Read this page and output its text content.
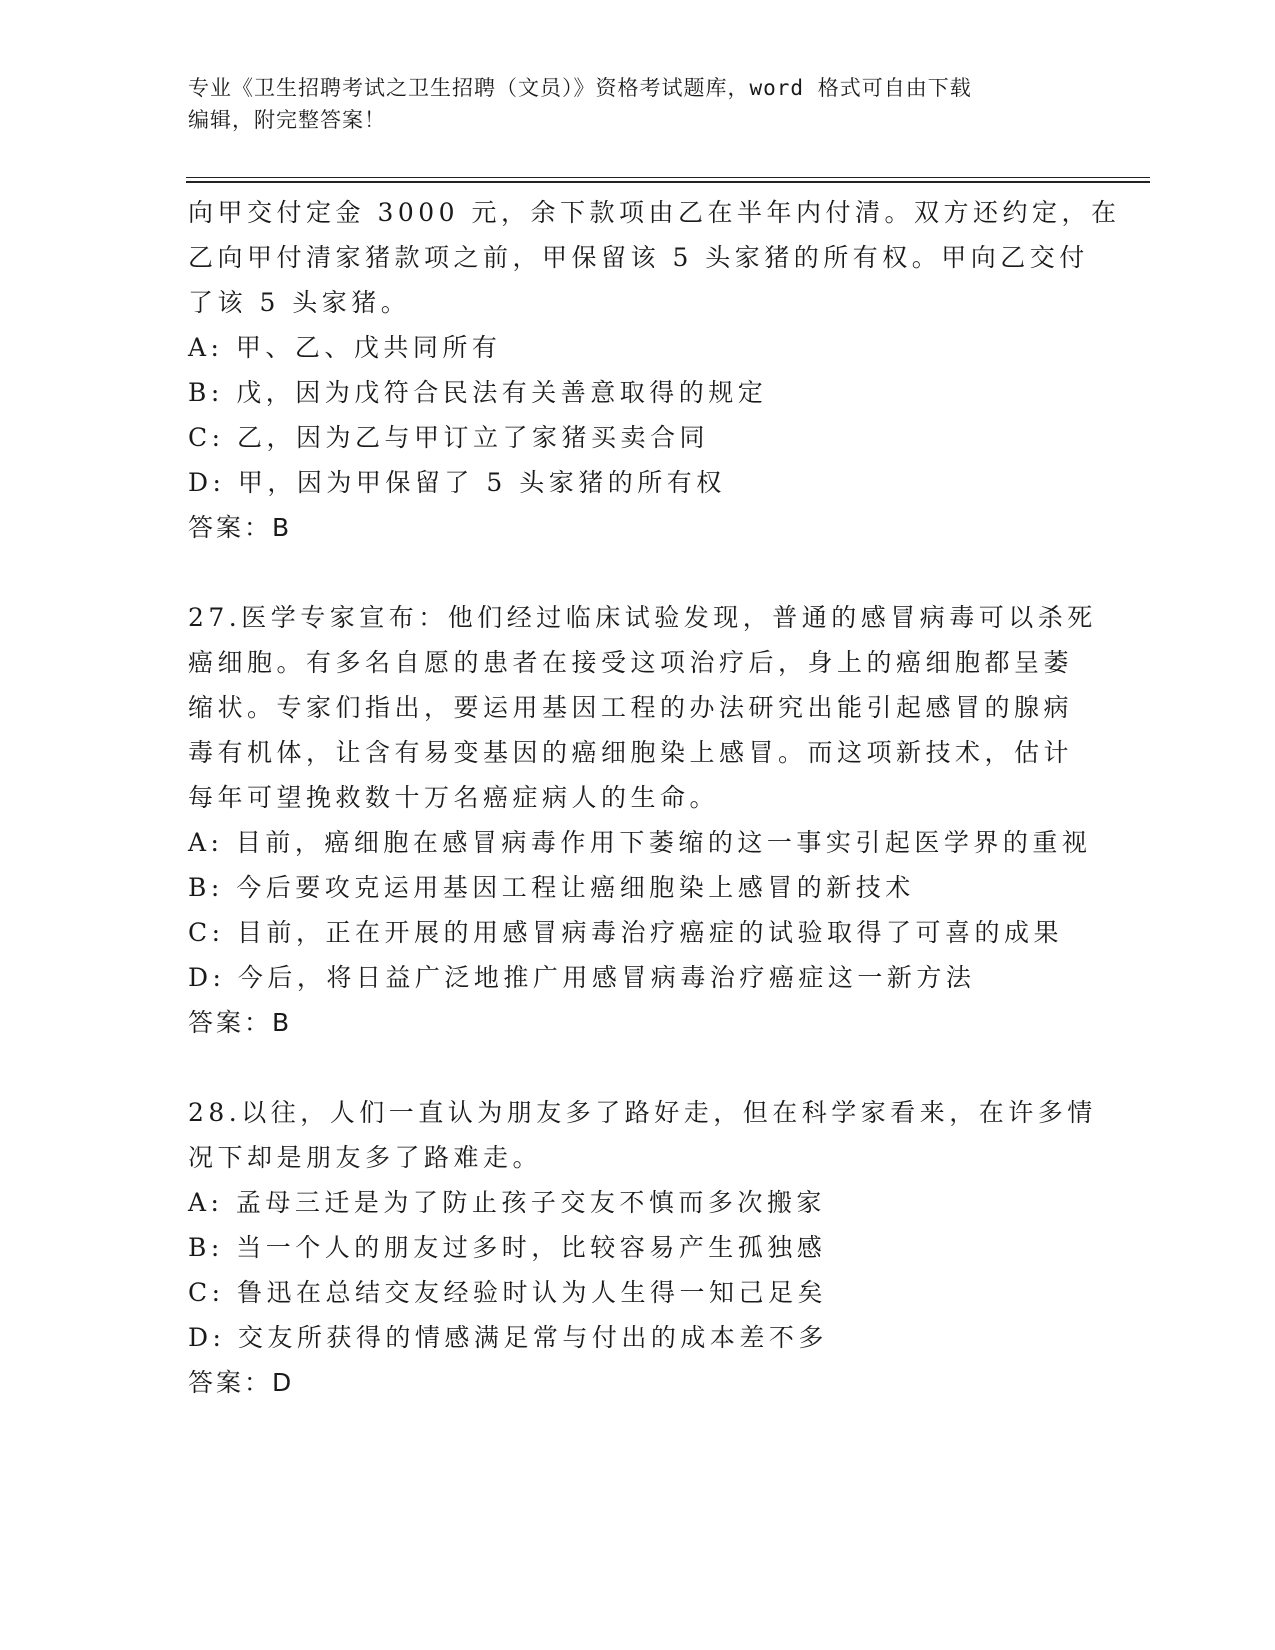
专业《卫生招聘考试之卫生招聘（文员）》资格考试题库，word 格式可自由下载
编辑，附完整答案！
向甲交付定金 3000 元，余下款项由乙在半年内付清。双方还约定，在
乙向甲付清家猪款项之前，甲保留该 5 头家猪的所有权。甲向乙交付
了该 5 头家猪。
A: 甲、乙、戊共同所有
B: 戊，因为戊符合民法有关善意取得的规定
C: 乙，因为乙与甲订立了家猪买卖合同
D: 甲，因为甲保留了 5 头家猪的所有权
答案：B
27.医学专家宣布：他们经过临床试验发现，普通的感冒病毒可以杀死
癌细胞。有多名自愿的患者在接受这项治疗后，身上的癌细胞都呈萎
缩状。专家们指出，要运用基因工程的办法研究出能引起感冒的腺病
毒有机体，让含有易变基因的癌细胞染上感冒。而这项新技术，估计
每年可望挽救数十万名癌症病人的生命。
A: 目前，癌细胞在感冒病毒作用下萎缩的这一事实引起医学界的重视
B: 今后要攻克运用基因工程让癌细胞染上感冒的新技术
C: 目前，正在开展的用感冒病毒治疗癌症的试验取得了可喜的成果
D: 今后，将日益广泛地推广用感冒病毒治疗癌症这一新方法
答案：B
28.以往，人们一直认为朋友多了路好走，但在科学家看来，在许多情
况下却是朋友多了路难走。
A: 孟母三迁是为了防止孩子交友不慎而多次搬家
B: 当一个人的朋友过多时，比较容易产生孤独感
C: 鲁迅在总结交友经验时认为人生得一知己足矣
D: 交友所获得的情感满足常与付出的成本差不多
答案：D
